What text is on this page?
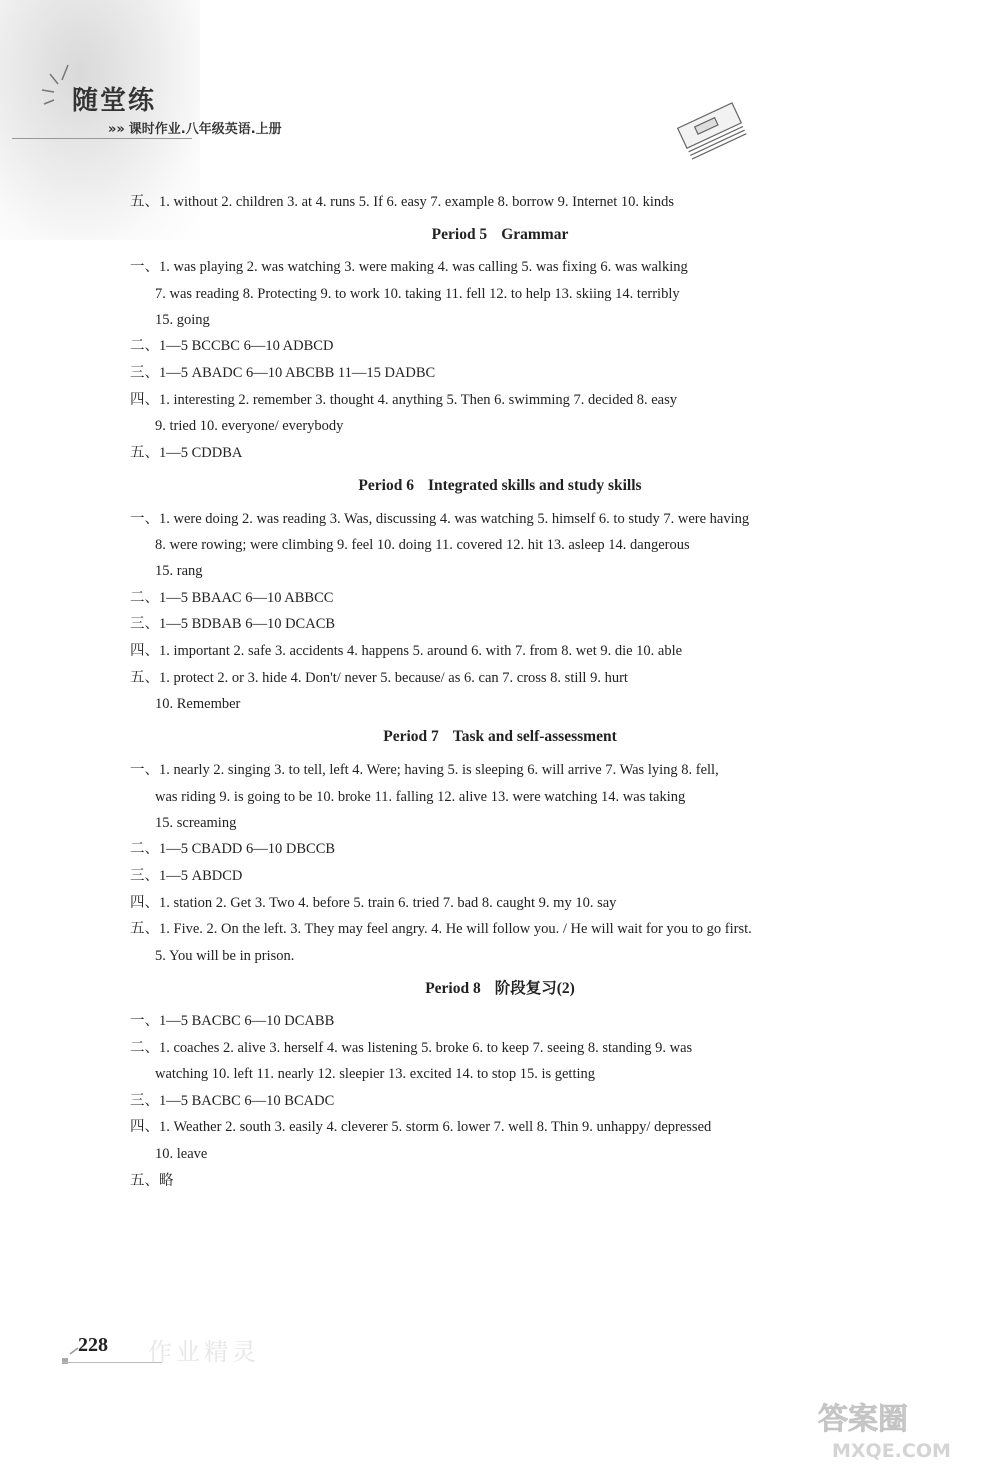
随堂练
»» 课时作业.八年级英语.上册
五、1. without 2. children 3. at 4. runs 5. If 6. easy 7. example 8. borrow 9. Internet 10. kinds
Period 5 Grammar
一、1. was playing 2. was watching 3. were making 4. was calling 5. was fixing 6. was walking
7. was reading 8. Protecting 9. to work 10. taking 11. fell 12. to help 13. skiing 14. terribly
15. going
二、1—5 BCCBC 6—10 ADBCD
三、1—5 ABADC 6—10 ABCBB 11—15 DADBC
四、1. interesting 2. remember 3. thought 4. anything 5. Then 6. swimming 7. decided 8. easy
9. tried 10. everyone/ everybody
五、1—5 CDDBA
Period 6 Integrated skills and study skills
一、1. were doing 2. was reading 3. Was, discussing 4. was watching 5. himself 6. to study 7. were having
8. were rowing; were climbing 9. feel 10. doing 11. covered 12. hit 13. asleep 14. dangerous
15. rang
二、1—5 BBAAC 6—10 ABBCC
三、1—5 BDBAB 6—10 DCACB
四、1. important 2. safe 3. accidents 4. happens 5. around 6. with 7. from 8. wet 9. die 10. able
五、1. protect 2. or 3. hide 4. Don't/ never 5. because/ as 6. can 7. cross 8. still 9. hurt
10. Remember
Period 7 Task and self-assessment
一、1. nearly 2. singing 3. to tell, left 4. Were; having 5. is sleeping 6. will arrive 7. Was lying 8. fell,
was riding 9. is going to be 10. broke 11. falling 12. alive 13. were watching 14. was taking
15. screaming
二、1—5 CBADD 6—10 DBCCB
三、1—5 ABDCD
四、1. station 2. Get 3. Two 4. before 5. train 6. tried 7. bad 8. caught 9. my 10. say
五、1. Five. 2. On the left. 3. They may feel angry. 4. He will follow you. / He will wait for you to go first.
5. You will be in prison.
Period 8 阶段复习(2)
一、1—5 BACBC 6—10 DCABB
二、1. coaches 2. alive 3. herself 4. was listening 5. broke 6. to keep 7. seeing 8. standing 9. was
watching 10. left 11. nearly 12. sleepier 13. excited 14. to stop 15. is getting
三、1—5 BACBC 6—10 BCADC
四、1. Weather 2. south 3. easily 4. cleverer 5. storm 6. lower 7. well 8. Thin 9. unhappy/ depressed
10. leave
五、略
228 作业精灵
答案圈
MXQE.COM
